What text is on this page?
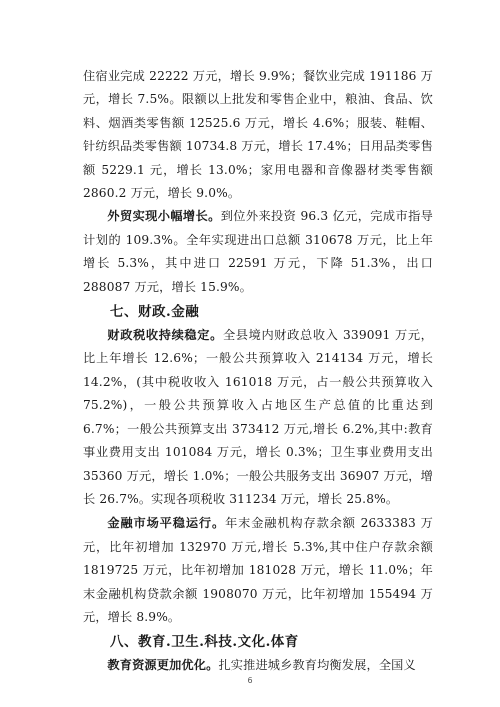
住宿业完成 22222 万元，增长 9.9%；餐饮业完成 191186 万元，增长 7.5%。限额以上批发和零售企业中，粮油、食品、饮料、烟酒类零售额 12525.6 万元，增长 4.6%；服装、鞋帽、针纺织品类零售额 10734.8 万元，增长 17.4%；日用品类零售额 5229.1 元，增长 13.0%；家用电器和音像器材类零售额 2860.2 万元，增长 9.0%。

外贸实现小幅增长。到位外来投资 96.3 亿元，完成市指导计划的 109.3%。全年实现进出口总额 310678 万元，比上年增长 5.3%，其中进口 22591 万元，下降 51.3%，出口 288087 万元，增长 15.9%。

七、财政.金融

财政税收持续稳定。全县境内财政总收入 339091 万元，比上年增长 12.6%；一般公共预算收入 214134 万元，增长 14.2%，(其中税收收入 161018 万元，占一般公共预算收入 75.2%)，一般公共预算收入占地区生产总值的比重达到 6.7%；一般公共预算支出 373412 万元,增长 6.2%,其中:教育事业费用支出 101084 万元，增长 0.3%；卫生事业费用支出 35360 万元，增长 1.0%；一般公共服务支出 36907 万元，增长 26.7%。实现各项税收 311234 万元，增长 25.8%。

金融市场平稳运行。年末金融机构存款余额 2633383 万元，比年初增加 132970 万元,增长 5.3%,其中住户存款余额 1819725 万元，比年初增加 181028 万元，增长 11.0%；年末金融机构贷款余额 1908070 万元，比年初增加 155494 万元，增长 8.9%。

八、教育.卫生.科技.文化.体育

教育资源更加优化。扎实推进城乡教育均衡发展，全国义

6
